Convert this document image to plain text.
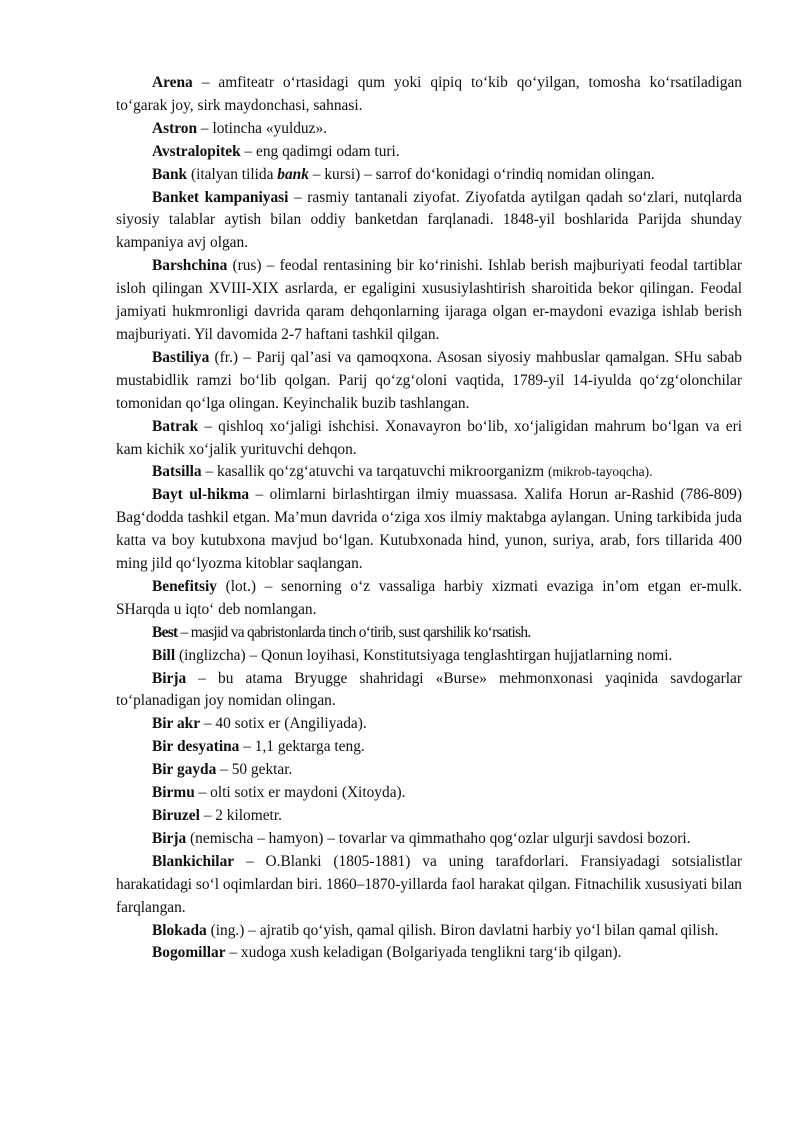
Arena – amfiteatr oʻrtasidagi qum yoki qipiq toʻkib qoʻyilgan, tomosha koʻrsatiladigan toʻgarak joy, sirk maydonchasi, sahnasi.

Astron – lotincha «yulduz».

Avstralopitek – eng qadimgi odam turi.

Bank (italyan tilida bank – kursi) – sarrof doʻkonidagi oʻrindiq nomidan olingan.

Banket kampaniyasi – rasmiy tantanali ziyofat. Ziyofatda aytilgan qadah soʻzlari, nutqlarda siyosiy talablar aytish bilan oddiy banketdan farqlanadi. 1848-yil boshlarida Parijda shunday kampaniya avj olgan.

Barshchina (rus) – feodal rentasining bir koʻrinishi. Ishlab berish majburiyati feodal tartiblar isloh qilingan XVIII-XIX asrlarda, er egaligini xususiylashtirish sharoitida bekor qilingan. Feodal jamiyati hukmronligi davrida qaram dehqonlarning ijaraga olgan er-maydoni evaziga ishlab berish majburiyati. Yil davomida 2-7 haftani tashkil qilgan.

Bastiliya (fr.) – Parij qalʼasi va qamoqxona. Asosan siyosiy mahbuslar qamalgan. SHu sabab mustabidlik ramzi boʻlib qolgan. Parij qoʻzgʻoloni vaqtida, 1789-yil 14-iyulda qoʻzgʻolonchilar tomonidan qoʻlga olingan. Keyinchalik buzib tashlangan.

Batrak – qishloq xoʻjaligi ishchisi. Xonavayron boʻlib, xoʻjaligidan mahrum boʻlgan va eri kam kichik xoʻjalik yurituvchi dehqon.

Batsilla – kasallik qoʻzgʻatuvchi va tarqatuvchi mikroorganizm (mikrob-tayoqcha).

Bayt ul-hikma – olimlarni birlashtirgan ilmiy muassasa. Xalifa Horun ar-Rashid (786-809) Bagʻdodda tashkil etgan. Maʼmun davrida oʻziga xos ilmiy maktabga aylangan. Uning tarkibida juda katta va boy kutubxona mavjud boʻlgan. Kutubxonada hind, yunon, suriya, arab, fors tillarida 400 ming jild qoʻlyozma kitoblar saqlangan.

Benefitsiy (lot.) – senorning oʻz vassaliga harbiy xizmati evaziga inʼom etgan er-mulk. SHarqda u iqtoʻ deb nomlangan.

Best – masjid va qabristonlarda tinch oʻtirib, sust qarshilik koʻrsatish.

Bill (inglizcha) – Qonun loyihasi, Konstitutsiyaga tenglashtirgan hujjatlarning nomi.

Birja – bu atama Bryugge shahridagi «Burse» mehmonxonasi yaqinida savdogarlar toʻplanadigan joy nomidan olingan.

Bir akr – 40 sotix er (Angiliyada).

Bir desyatina – 1,1 gektarga teng.

Bir gayda – 50 gektar.

Birmu – olti sotix er maydoni (Xitoyda).

Biruzel – 2 kilometr.

Birja (nemischa – hamyon) – tovarlar va qimmathaho qogʻozlar ulgurji savdosi bozori.

Blankichilar – O.Blanki (1805-1881) va uning tarafdorlari. Fransiyadagi sotsialistlar harakatidagi soʻl oqimlardan biri. 1860–1870-yillarda faol harakat qilgan. Fitnachilik xususiyati bilan farqlangan.

Blokada (ing.) – ajratib qoʻyish, qamal qilish. Biron davlatni harbiy yoʻl bilan qamal qilish.

Bogomillar – xudoga xush keladigan (Bolgariyada tenglikni targʻib qilgan).
